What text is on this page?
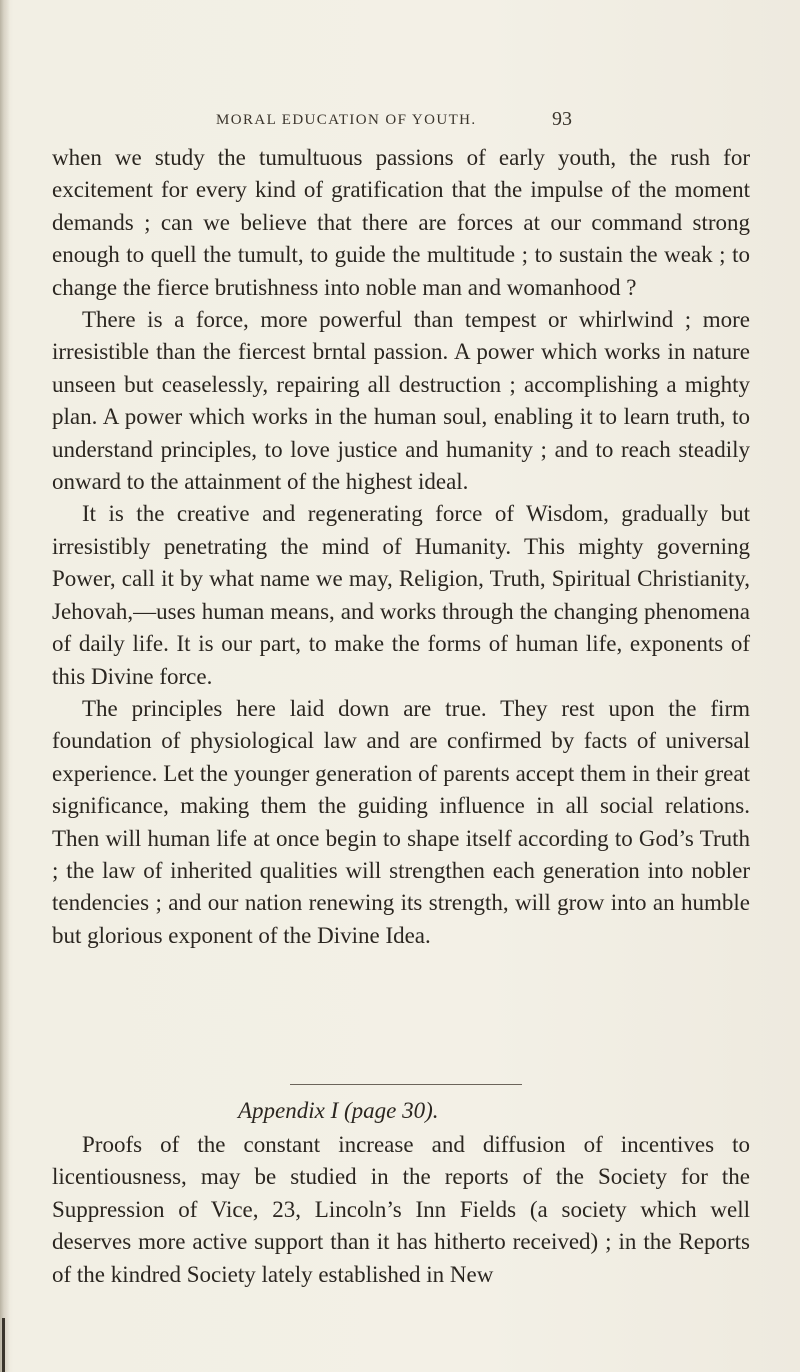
MORAL EDUCATION OF YOUTH.	93

when we study the tumultuous passions of early youth, the rush for excitement for every kind of gratification that the impulse of the moment demands ; can we believe that there are forces at our command strong enough to quell the tumult, to guide the multitude ; to sustain the weak ; to change the fierce brutishness into noble man and womanhood ?

There is a force, more powerful than tempest or whirlwind ; more irresistible than the fiercest brntal passion. A power which works in nature unseen but ceaselessly, repairing all destruction ; accomplishing a mighty plan. A power which works in the human soul, enabling it to learn truth, to understand principles, to love justice and humanity ; and to reach steadily onward to the attainment of the highest ideal.

It is the creative and regenerating force of Wisdom, gradually but irresistibly penetrating the mind of Humanity. This mighty governing Power, call it by what name we may, Religion, Truth, Spiritual Christianity, Jehovah,—uses human means, and works through the changing phenomena of daily life. It is our part, to make the forms of human life, exponents of this Divine force.

The principles here laid down are true. They rest upon the firm foundation of physiological law and are confirmed by facts of universal experience. Let the younger generation of parents accept them in their great significance, making them the guiding influence in all social relations. Then will human life at once begin to shape itself according to God’s Truth ; the law of inherited qualities will strengthen each generation into nobler tendencies ; and our nation renewing its strength, will grow into an humble but glorious exponent of the Divine Idea.

Appendix I (page 30).

Proofs of the constant increase and diffusion of incentives to licentiousness, may be studied in the reports of the Society for the Suppression of Vice, 23, Lincoln’s Inn Fields (a society which well deserves more active support than it has hitherto received) ; in the Reports of the kindred Society lately established in New
